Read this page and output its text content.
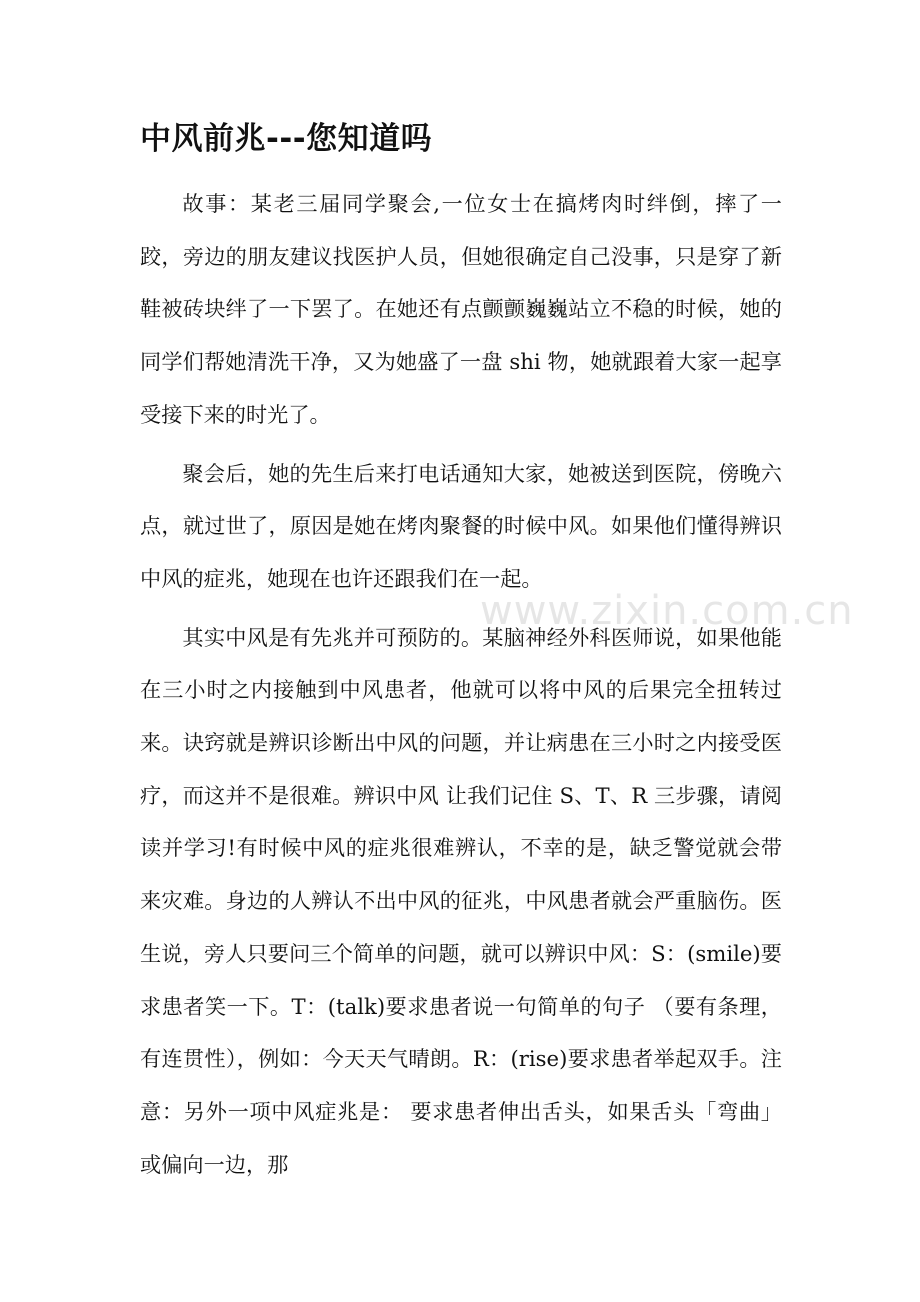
www.zixin.com.cn
中风前兆---您知道吗

故事：某老三届同学聚会,一位女士在搞烤肉时绊倒，摔了一跤，旁边的朋友建议找医护人员，但她很确定自己没事，只是穿了新鞋被砖块绊了一下罢了。在她还有点颤颤巍巍站立不稳的时候，她的同学们帮她清洗干净，又为她盛了一盘 shi 物，她就跟着大家一起享受接下来的时光了。

聚会后，她的先生后来打电话通知大家，她被送到医院，傍晚六点，就过世了，原因是她在烤肉聚餐的时候中风。如果他们懂得辨识中风的症兆，她现在也许还跟我们在一起。

其实中风是有先兆并可预防的。某脑神经外科医师说，如果他能在三小时之内接触到中风患者，他就可以将中风的后果完全扭转过来。诀窍就是辨识诊断出中风的问题，并让病患在三小时之内接受医疗，而这并不是很难。辨识中风 让我们记住 S、T、R 三步骤，请阅读并学习!有时候中风的症兆很难辨认，不幸的是，缺乏警觉就会带来灾难。身边的人辨认不出中风的征兆，中风患者就会严重脑伤。医生说，旁人只要问三个简单的问题，就可以辨识中风：S：(smile)要求患者笑一下。T：(talk)要求患者说一句简单的句子 （要有条理，有连贯性），例如：今天天气晴朗。R：(rise)要求患者举起双手。注意：另外一项中风症兆是： 要求患者伸出舌头，如果舌头「弯曲」或偏向一边，那
